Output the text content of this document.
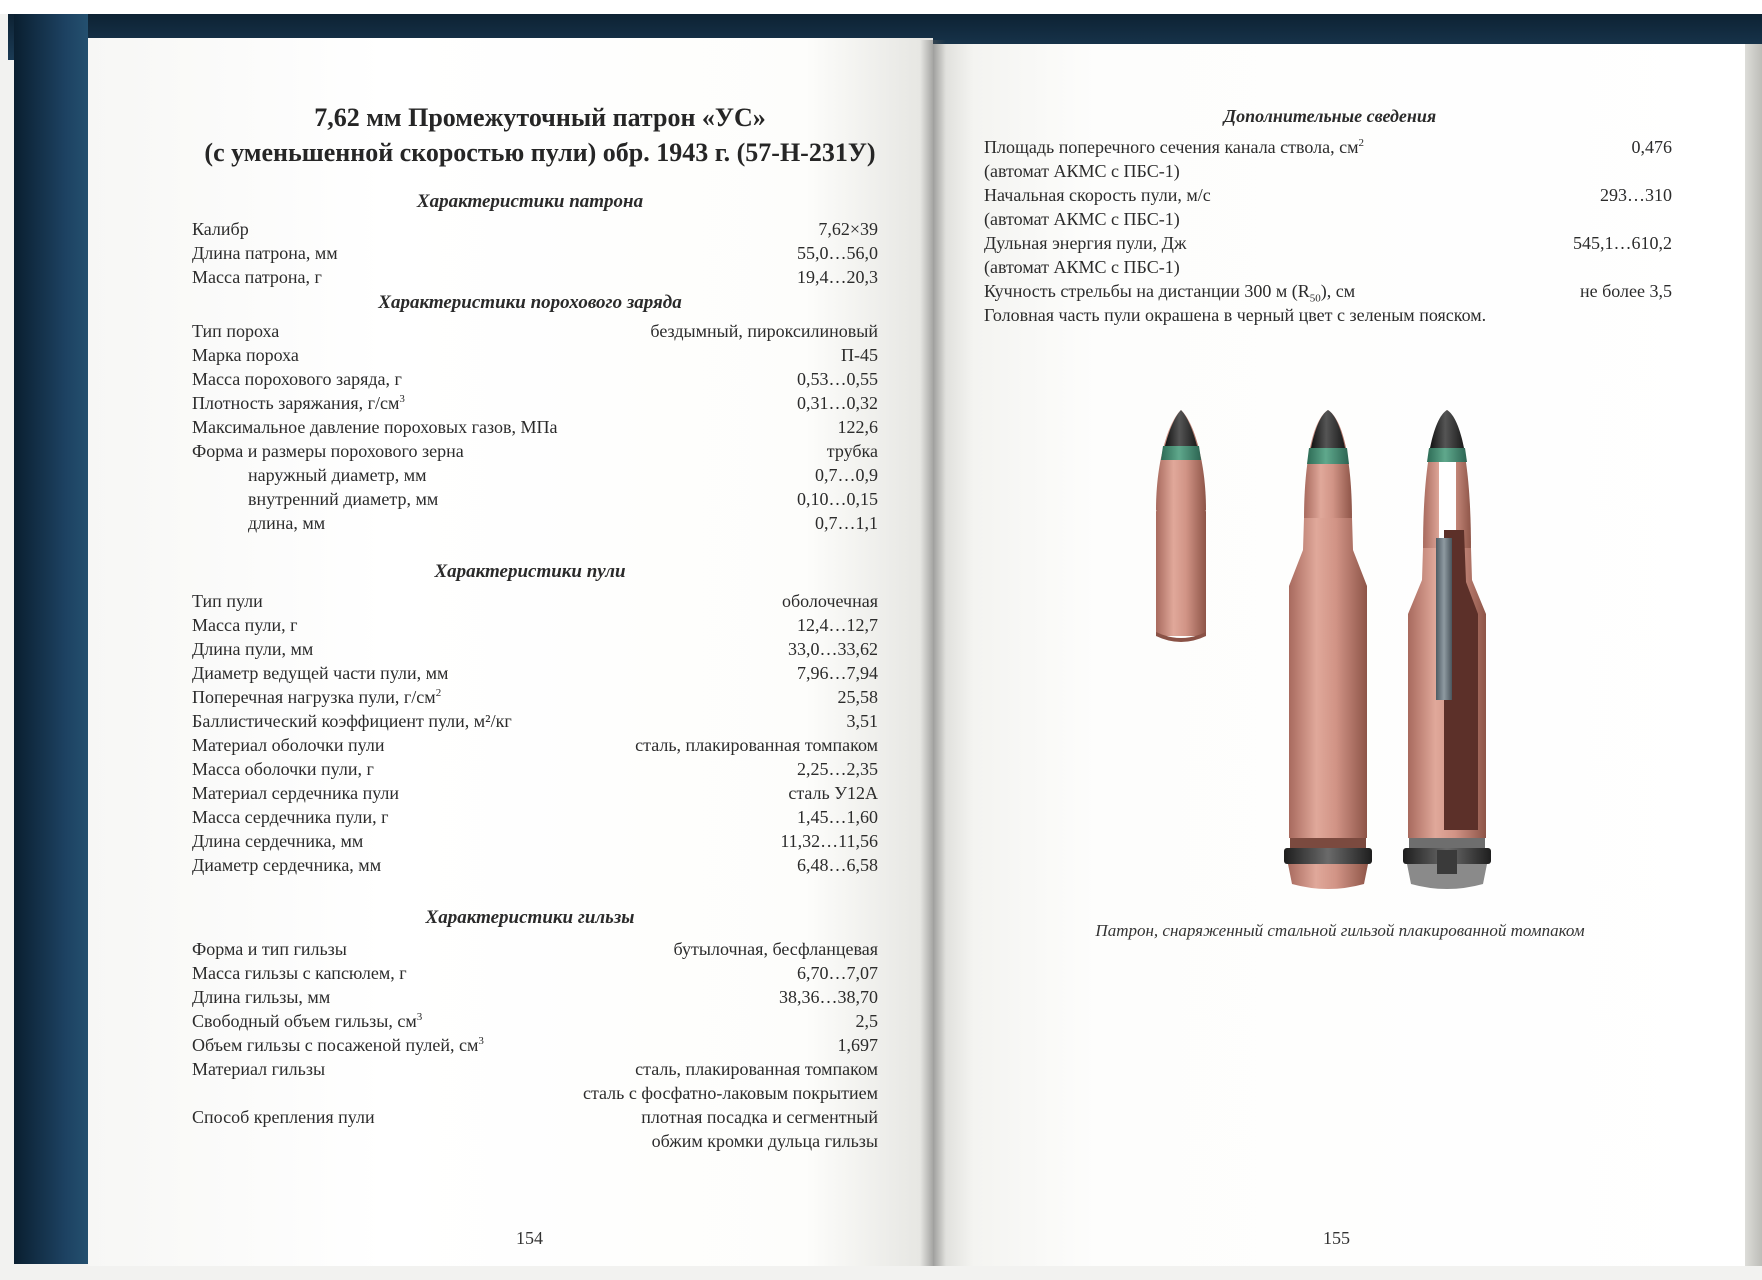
7,62 мм Промежуточный патрон «УС»
(с уменьшенной скоростью пули) обр. 1943 г. (57-Н-231У)
Характеристики патрона
Калибр	7,62×39
Длина патрона, мм	55,0…56,0
Масса патрона, г	19,4…20,3
Характеристики порохового заряда
Тип пороха	бездымный, пироксилиновый
Марка пороха	П-45
Масса порохового заряда, г	0,53…0,55
Плотность заряжания, $г/см^3$	0,31…0,32
Максимальное давление пороховых газов, МПа	122,6
Форма и размеры порохового зерна	трубка
наружный диаметр, мм	0,7…0,9
внутренний диаметр, мм	0,10…0,15
длина, мм	0,7…1,1
Характеристики пули
Тип пули	оболочечная
Масса пули, г	12,4…12,7
Длина пули, мм	33,0…33,62
Диаметр ведущей части пули, мм	7,96…7,94
Поперечная нагрузка пули, $г/см^2$	25,58
Баллистический коэффициент пули, м²/кг	3,51
Материал оболочки пули	сталь, плакированная томпаком
Масса оболочки пули, г	2,25…2,35
Материал сердечника пули	сталь У12А
Масса сердечника пули, г	1,45…1,60
Длина сердечника, мм	11,32…11,56
Диаметр сердечника, мм	6,48…6,58
Характеристики гильзы
Форма и тип гильзы	бутылочная, бесфланцевая
Масса гильзы с капсюлем, г	6,70…7,07
Длина гильзы, мм	38,36…38,70
Свободный объем гильзы, $см^3$	2,5
Объем гильзы с посаженой пулей, $см^3$	1,697
Материал гильзы	сталь, плакированная томпаком
сталь с фосфатно-лаковым покрытием
Способ крепления пули	плотная посадка и сегментный
обжим кромки дульца гильзы
154
Дополнительные сведения
Площадь поперечного сечения канала ствола, $см^2$	0,476
(автомат АКМС с ПБС-1)
Начальная скорость пули, м/с	293…310
(автомат АКМС с ПБС-1)
Дульная энергия пули, Дж	545,1…610,2
(автомат АКМС с ПБС-1)
Кучность стрельбы на дистанции 300 м $(R_{50})$, см	не более 3,5
Головная часть пули окрашена в черный цвет с зеленым пояском.
Патрон, снаряженный стальной гильзой плакированной томпаком
155
